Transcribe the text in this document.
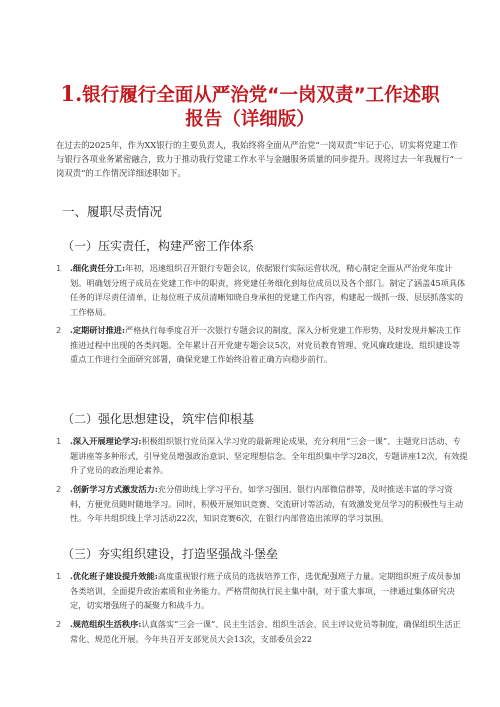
1.银行履行全面从严治党“一岗双责”工作述职
报告（详细版）

在过去的2025年，作为XX银行的主要负责人，我始终将全面从严治党“一岗双责”牢记于心，切实将党建工作与银行各项业务紧密融合，致力于推动我行党建工作水平与金融服务质量的同步提升。现将过去一年我履行“一岗双责”的工作情况详细述职如下。

一、履职尽责情况
（一）压实责任，构建严密工作体系
1	.细化责任分工:年初，迅速组织召开银行专题会议，依据银行实际运营状况，精心制定全面从严治党年度计划。明确划分班子成员在党建工作中的职责，将党建任务细化到每位成员以及各个部门。制定了涵盖45项具体任务的详尽责任清单，让每位班子成员清晰知晓自身承担的党建工作内容，构建起一级抓一级、层层抓落实的工作格局。
2	.定期研讨推进:严格执行每季度召开一次银行专题会议的制度，深入分析党建工作形势，及时发现并解决工作推进过程中出现的各类问题。全年累计召开党建专题会议5次，对党员教育管理、党风廉政建设、组织建设等重点工作进行全面研究部署，确保党建工作始终沿着正确方向稳步前行。
（二）强化思想建设，筑牢信仰根基
1	.深入开展理论学习:积极组织银行党员深入学习党的最新理论成果，充分利用“三会一课”、主题党日活动、专题讲座等多种形式，引导党员增强政治意识、坚定理想信念。全年组织集中学习28次，专题讲座12次，有效提升了党员的政治理论素养。
2	.创新学习方式激发活力:充分借助线上学习平台，如学习强国、银行内部微信群等，及时推送丰富的学习资料，方便党员随时随地学习。同时，积极开展知识竞赛、交流研讨等活动，有效激发党员学习的积极性与主动性。今年共组织线上学习活动22次，知识竞赛6次，在银行内部营造出浓厚的学习氛围。
（三）夯实组织建设，打造坚强战斗堡垒
1	.优化班子建设提升效能:高度重视银行班子成员的选拔培养工作，选优配强班子力量。定期组织班子成员参加各类培训，全面提升政治素质和业务能力。严格贯彻执行民主集中制，对于重大事项，一律通过集体研究决定，切实增强班子的凝聚力和战斗力。
2	.规范组织生活秩序:认真落实“三会一课”、民主生活会、组织生活会、民主评议党员等制度，确保组织生活正常化、规范化开展。今年共召开支部党员大会13次，支部委员会22
